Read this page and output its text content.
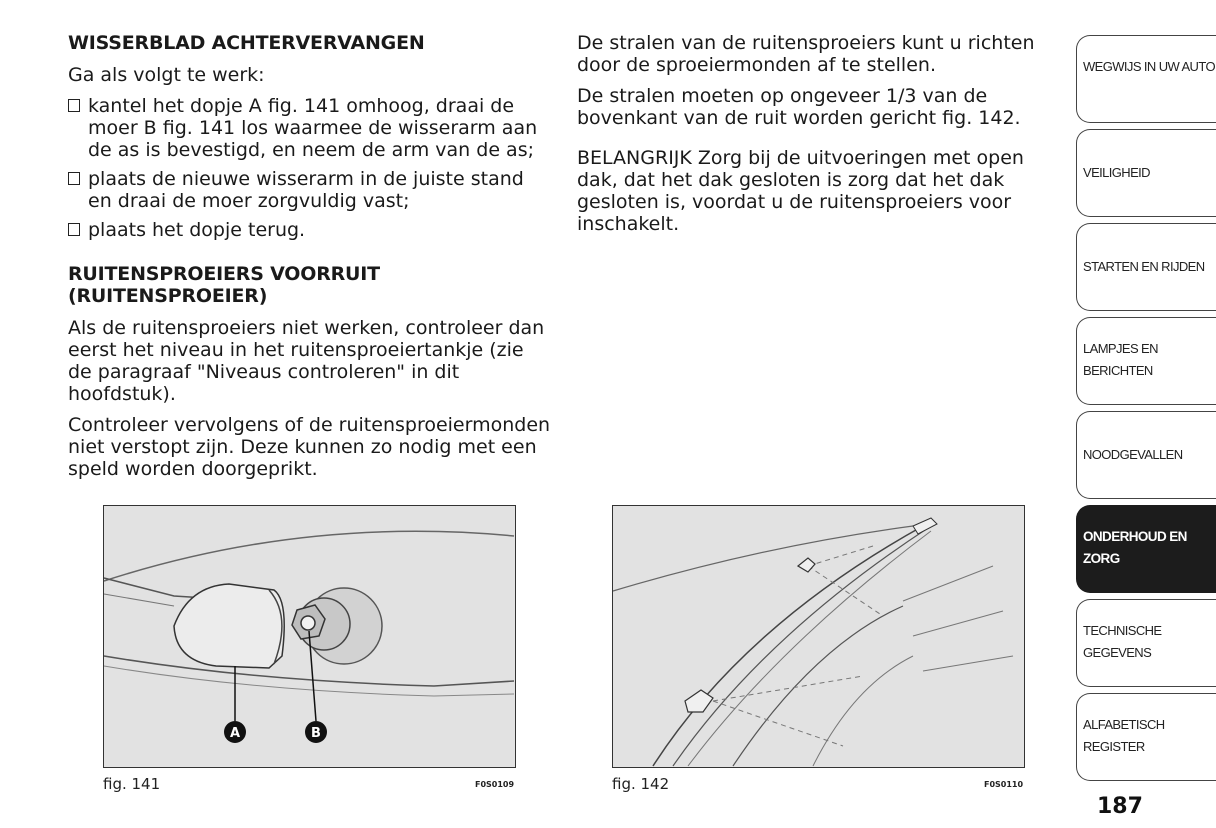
WISSERBLAD ACHTERVERVANGEN

Ga als volgt te werk:

kantel het dopje A fig. 141 omhoog, draai de moer B fig. 141 los waarmee de wisserarm aan de as is bevestigd, en neem de arm van de as;
plaats de nieuwe wisserarm in de juiste stand en draai de moer zorgvuldig vast;
plaats het dopje terug.
RUITENSPROEIERS VOORRUIT (RUITENSPROEIER)

Als de ruitensproeiers niet werken, controleer dan eerst het niveau in het ruitensproeiertankje (zie de paragraaf "Niveaus controleren" in dit hoofdstuk).

Controleer vervolgens of de ruitensproeiermonden niet verstopt zijn. Deze kunnen zo nodig met een speld worden doorgeprikt.

De stralen van de ruitensproeiers kunt u richten door de sproeiermonden af te stellen.

De stralen moeten op ongeveer 1/3 van de bovenkant van de ruit worden gericht fig. 142.

BELANGRIJK Zorg bij de uitvoeringen met open dak, dat het dak gesloten is zorg dat het dak gesloten is, voordat u de ruitensproeiers voor inschakelt.

A	B
fig. 141	F0S0109	fig. 142	F0S0110
WEGWIJS IN UW AUTO
VEILIGHEID
STARTEN EN RIJDEN
LAMPJES EN BERICHTEN
NOODGEVALLEN
ONDERHOUD EN ZORG
TECHNISCHE GEGEVENS
ALFABETISCH REGISTER
187
